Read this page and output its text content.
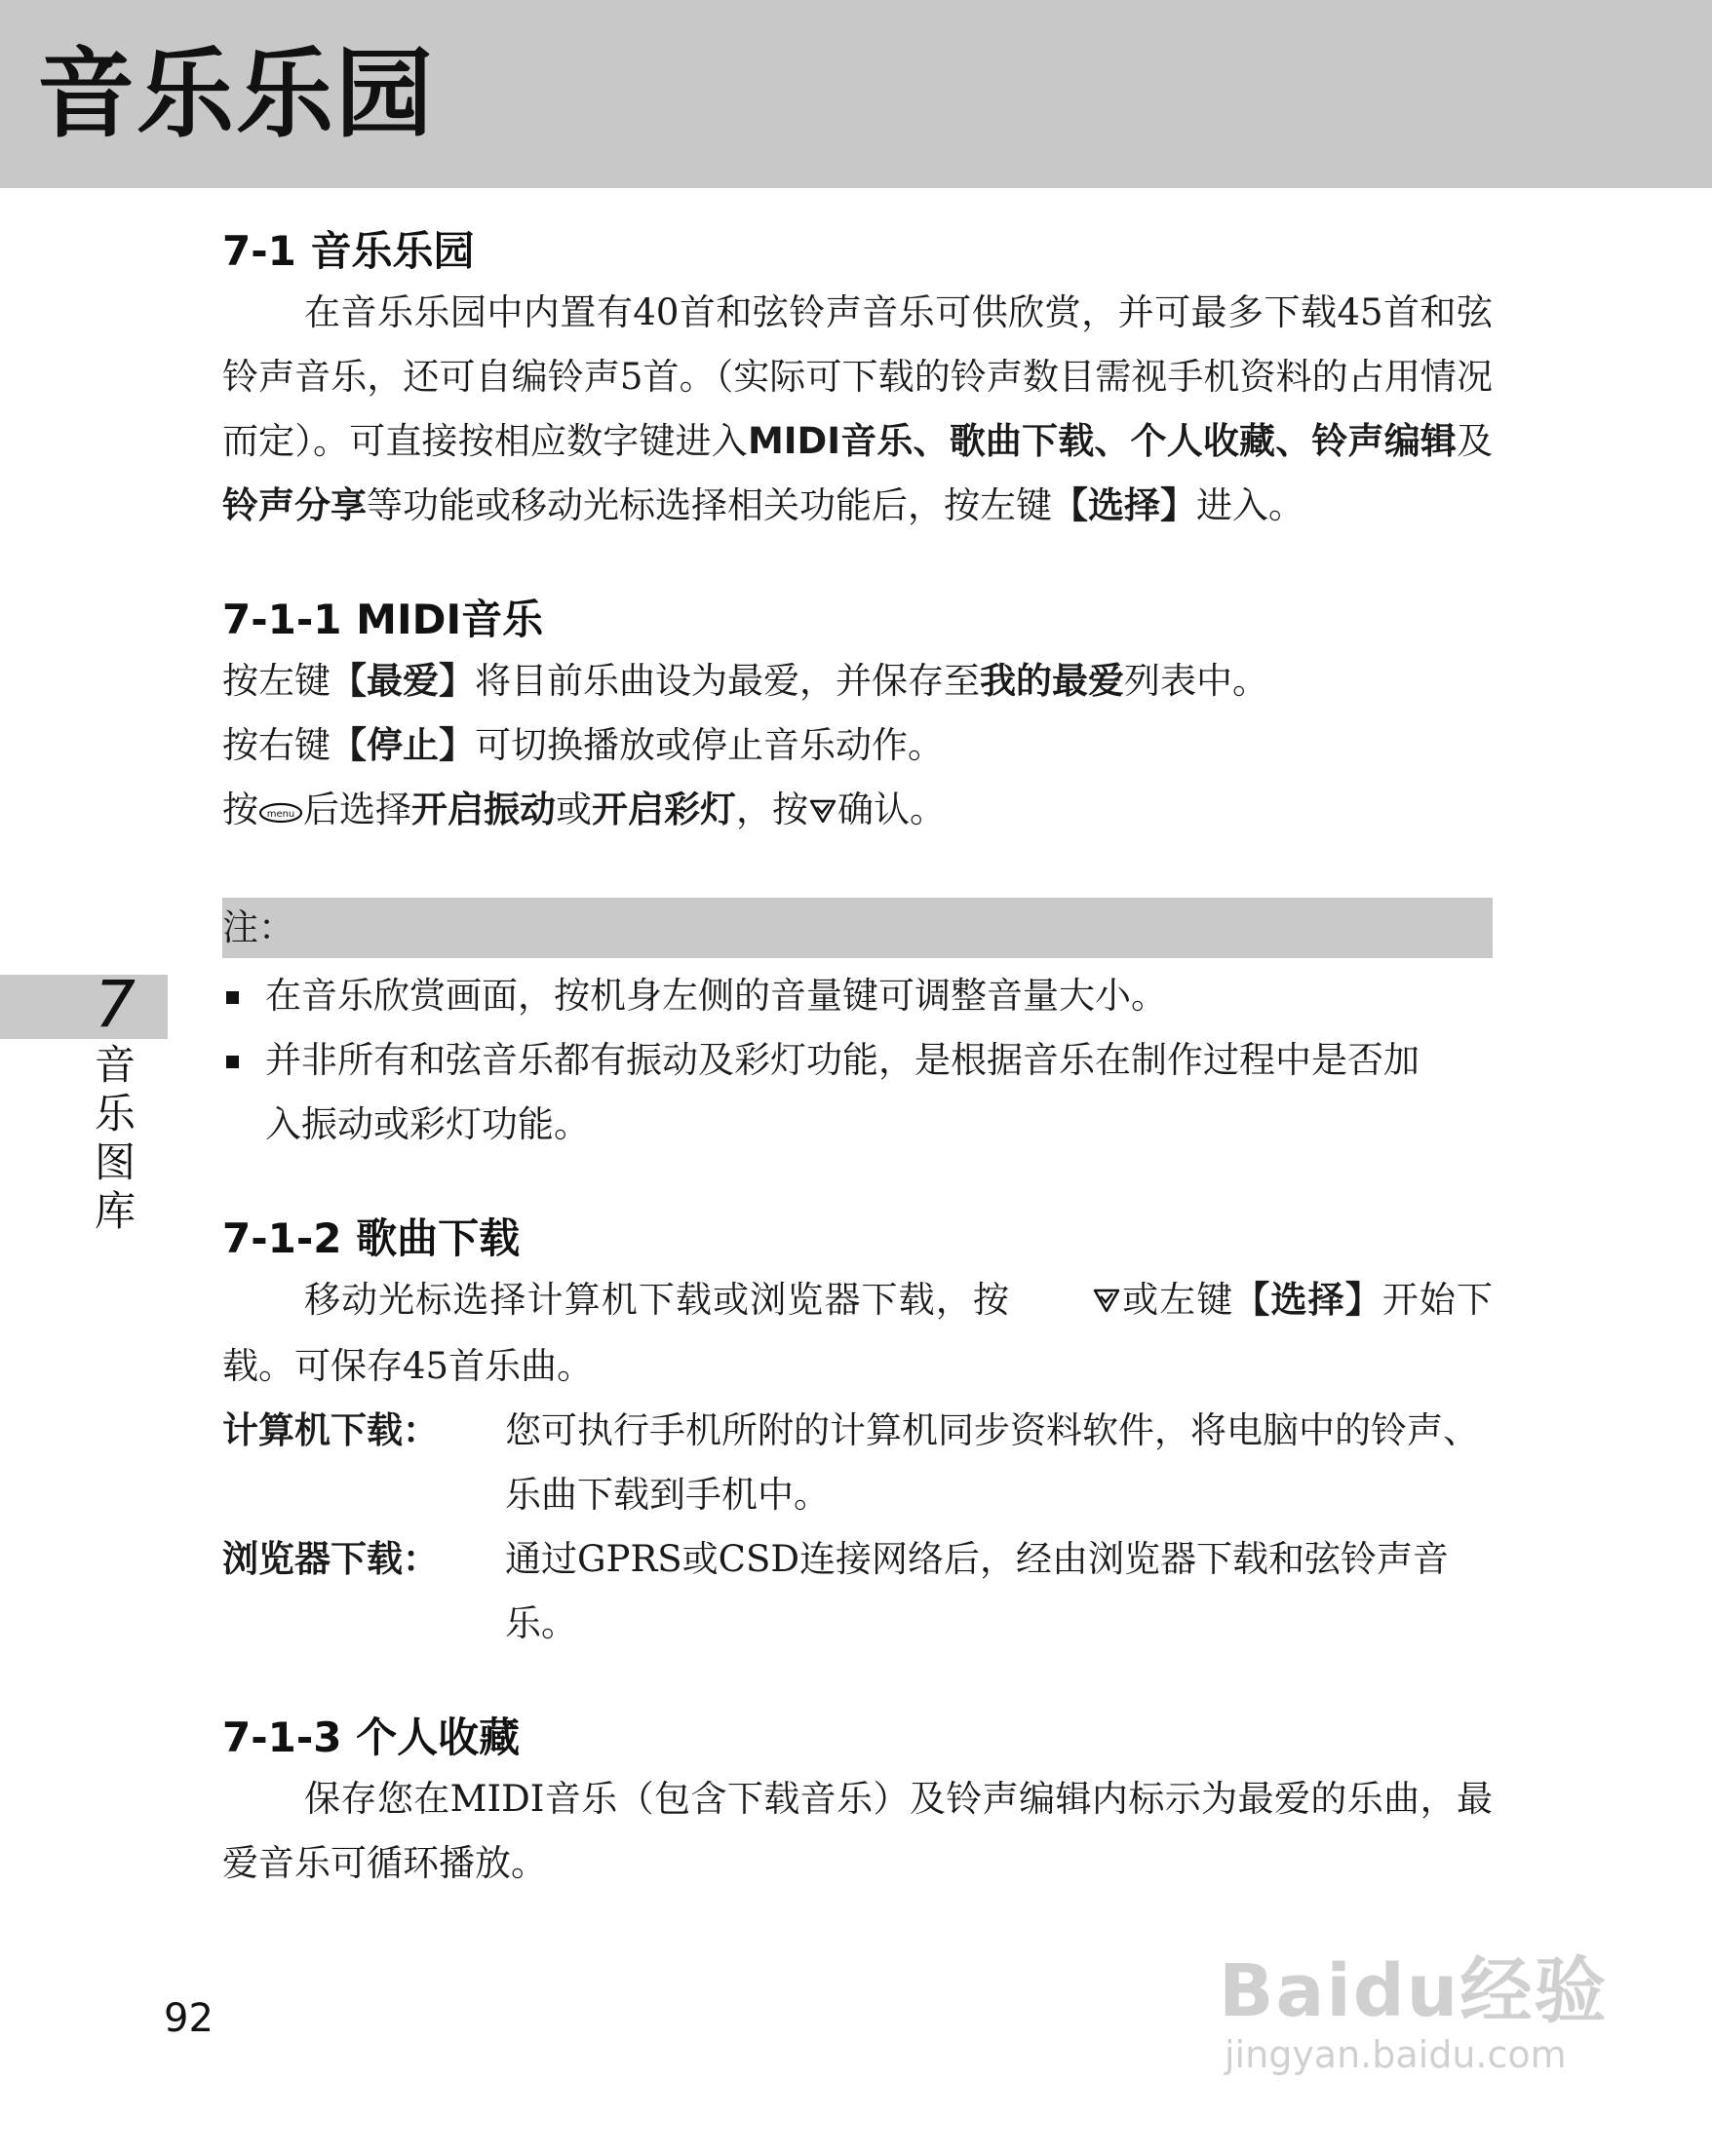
音乐乐园
7
音乐图库
7-1 音乐乐园

在音乐乐园中内置有40首和弦铃声音乐可供欣赏，并可最多下载45首和弦铃声音乐，还可自编铃声5首。（实际可下载的铃声数目需视手机资料的占用情况而定）。可直接按相应数字键进入MIDI音乐、歌曲下载、个人收藏、铃声编辑及铃声分享等功能或移动光标选择相关功能后，按左键【选择】进入。

7-1-1 MIDI音乐

按左键【最爱】将目前乐曲设为最爱，并保存至我的最爱列表中。

按右键【停止】可切换播放或停止音乐动作。

按 menu 后选择开启振动或开启彩灯，按 确认。

注：

在音乐欣赏画面，按机身左侧的音量键可调整音量大小。

并非所有和弦音乐都有振动及彩灯功能，是根据音乐在制作过程中是否加入振动或彩灯功能。

7-1-2 歌曲下载

移动光标选择计算机下载或浏览器下载，按	或左键【选择】开始下载。可保存45首乐曲。

计算机下载：	您可执行手机所附的计算机同步资料软件，将电脑中的铃声、乐曲下载到手机中。
浏览器下载：	通过GPRS或CSD连接网络后，经由浏览器下载和弦铃声音乐。
7-1-3 个人收藏

保存您在MIDI音乐（包含下载音乐）及铃声编辑内标示为最爱的乐曲，最爱音乐可循环播放。

92	Baidu经验
jingyan.baidu.com
